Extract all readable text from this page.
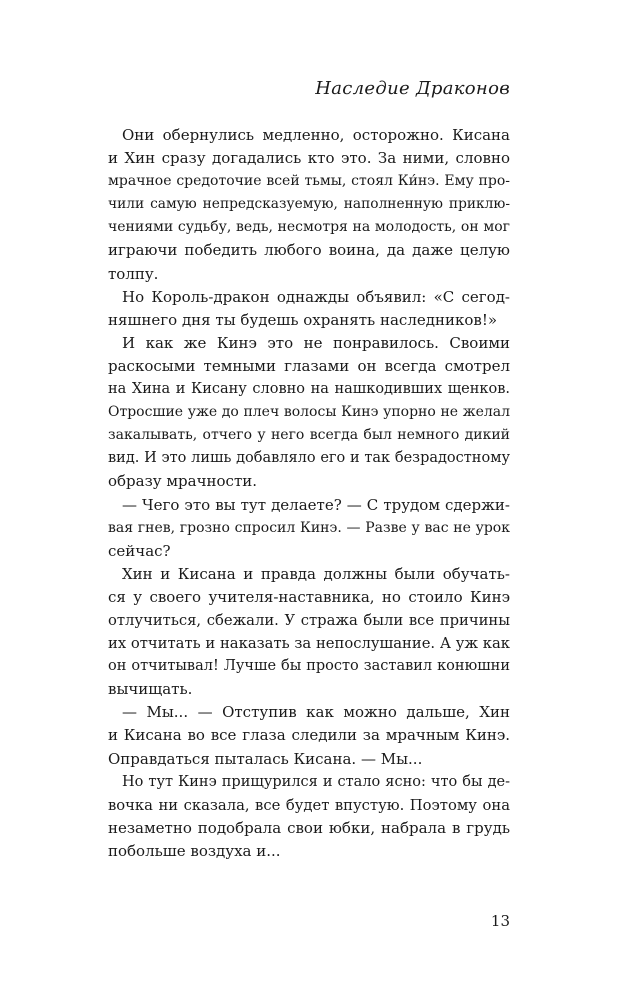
Наследие Драконов
Они обернулись медленно, осторожно. Кисана
и Хин сразу догадались кто это. За ними, словно
мрачное средоточие всей тьмы, стоял Ки́нэ. Ему про-
чили самую непредсказуемую, наполненную приклю-
чениями судьбу, ведь, несмотря на молодость, он мог
играючи победить любого воина, да даже целую
толпу.
Но Король-дракон однажды объявил: «С сегод-
няшнего дня ты будешь охранять наследников!»
И как же Кинэ это не понравилось. Своими
раскосыми темными глазами он всегда смотрел
на Хина и Кисану словно на нашкодивших щенков.
Отросшие уже до плеч волосы Кинэ упорно не желал
закалывать, отчего у него всегда был немного дикий
вид. И это лишь добавляло его и так безрадостному
образу мрачности.
— Чего это вы тут делаете? — С трудом сдержи-
вая гнев, грозно спросил Кинэ. — Разве у вас не урок
сейчас?
Хин и Кисана и правда должны были обучать-
ся у своего учителя-наставника, но стоило Кинэ
отлучиться, сбежали. У стража были все причины
их отчитать и наказать за непослушание. А уж как
он отчитывал! Лучше бы просто заставил конюшни
вычищать.
— Мы... — Отступив как можно дальше, Хин
и Кисана во все глаза следили за мрачным Кинэ.
Оправдаться пыталась Кисана. — Мы...
Но тут Кинэ прищурился и стало ясно: что бы де-
вочка ни сказала, все будет впустую. Поэтому она
незаметно подобрала свои юбки, набрала в грудь
побольше воздуха и...
13
